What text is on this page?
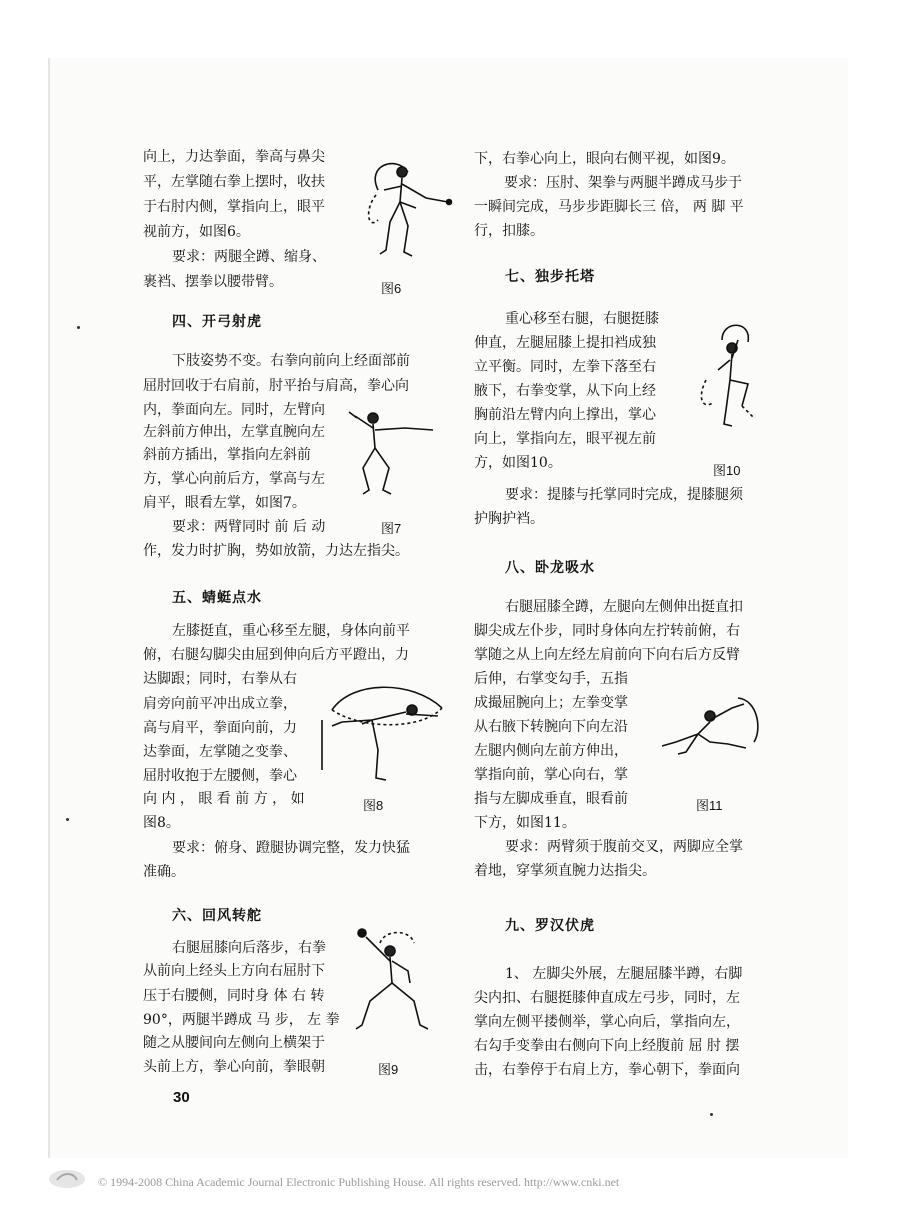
向上，力达拳面，拳高与鼻尖
平，左掌随右拳上摆时，收扶
于右肘内侧，掌指向上，眼平
视前方，如图6。
要求：两腿全蹲、缩身、
裹裆、摆拳以腰带臂。	图6
四、开弓射虎
下肢姿势不变。右拳向前向上经面部前
屈肘回收于右肩前，肘平抬与肩高，拳心向
内，拳面向左。同时，左臂向
左斜前方伸出，左掌直腕向左
斜前方插出，掌指向左斜前
方，掌心向前后方，掌高与左
肩平，眼看左掌，如图7。
要求：两臂同时 前 后 动
作，发力时扩胸，势如放箭，力达左指尖。
图7
五、蜻蜓点水
左膝挺直，重心移至左腿，身体向前平
俯，右腿勾脚尖由屈到伸向后方平蹬出，力
达脚跟；同时，右拳从右
肩旁向前平冲出成立拳，
高与肩平，拳面向前，力
达拳面，左掌随之变拳、
屈肘收抱于左腰侧，拳心
向 内 ， 眼 看 前 方 ， 如
图8。
要求：俯身、蹬腿协调完整，发力快猛
准确。
图8
六、回风转舵
右腿屈膝向后落步，右拳
从前向上经头上方向右屈肘下
压于右腰侧，同时身 体 右 转
90°，两腿半蹲成 马 步， 左 拳
随之从腰间向左侧向上横架于
头前上方，拳心向前，拳眼朝	图9
下，右拳心向上，眼向右侧平视，如图9。
要求：压肘、架拳与两腿半蹲成马步于
一瞬间完成，马步步距脚长三 倍， 两 脚 平
行，扣膝。
七、独步托塔
重心移至右腿，右腿挺膝
伸直，左腿屈膝上提扣裆成独
立平衡。同时，左拳下落至右
腋下，右拳变掌，从下向上经
胸前沿左臂内向上撑出，掌心
向上，掌指向左，眼平视左前
方，如图10。	图10
要求：提膝与托掌同时完成，提膝腿须
护胸护裆。
八、卧龙吸水
右腿屈膝全蹲，左腿向左侧伸出挺直扣
脚尖成左仆步，同时身体向左拧转前俯，右
掌随之从上向左经左肩前向下向右后方反臂
后伸，右掌变勾手，五指
成撮屈腕向上；左拳变掌
从右腋下转腕向下向左沿
左腿内侧向左前方伸出，
掌指向前，掌心向右，掌
指与左脚成垂直，眼看前
下方，如图11。
图11
要求：两臂须于腹前交叉，两脚应全掌
着地，穿掌须直腕力达指尖。
九、罗汉伏虎
1、 左脚尖外展，左腿屈膝半蹲，右脚
尖内扣、右腿挺膝伸直成左弓步，同时，左
掌向左侧平搂侧举，掌心向后，掌指向左，
右勾手变拳由右侧向下向上经腹前 屈 肘 摆
击，右拳停于右肩上方，拳心朝下，拳面向
30
© 1994-2008 China Academic Journal Electronic Publishing House. All rights reserved. http://www.cnki.net
